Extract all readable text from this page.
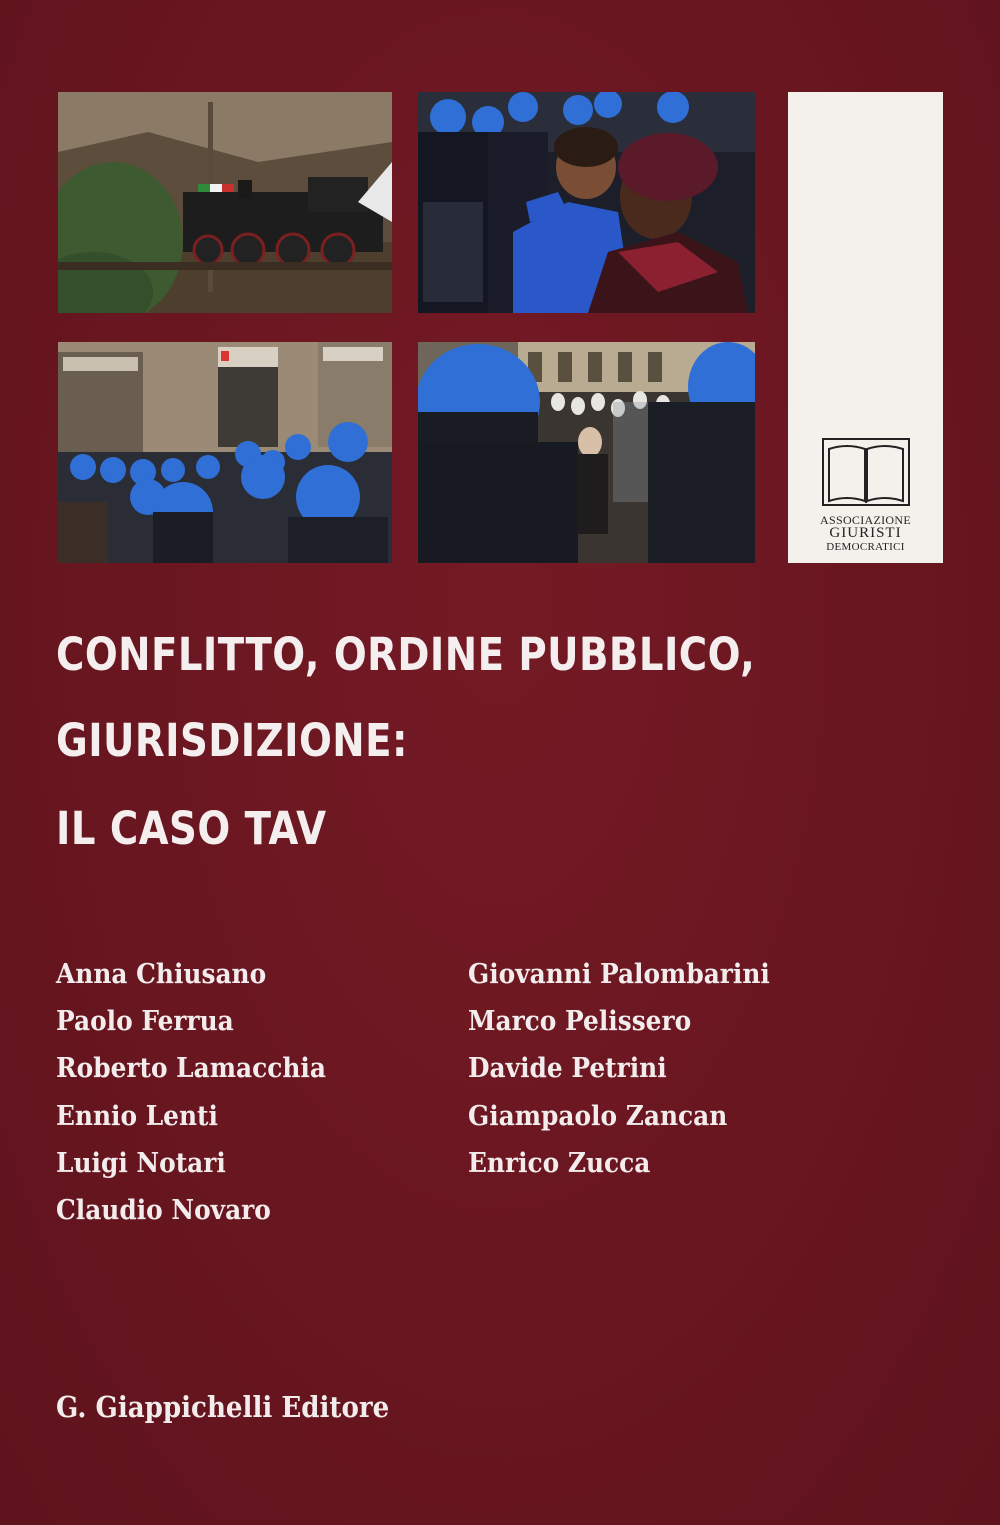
ASSOCIAZIONE
GIURISTI
DEMOCRATICI
CONFLITTO, ORDINE PUBBLICO,
GIURISDIZIONE:
IL CASO TAV
Anna Chiusano
Paolo Ferrua
Roberto Lamacchia
Ennio Lenti
Luigi Notari
Claudio Novaro
Giovanni Palombarini
Marco Pelissero
Davide Petrini
Giampaolo Zancan
Enrico Zucca
G. Giappichelli Editore
